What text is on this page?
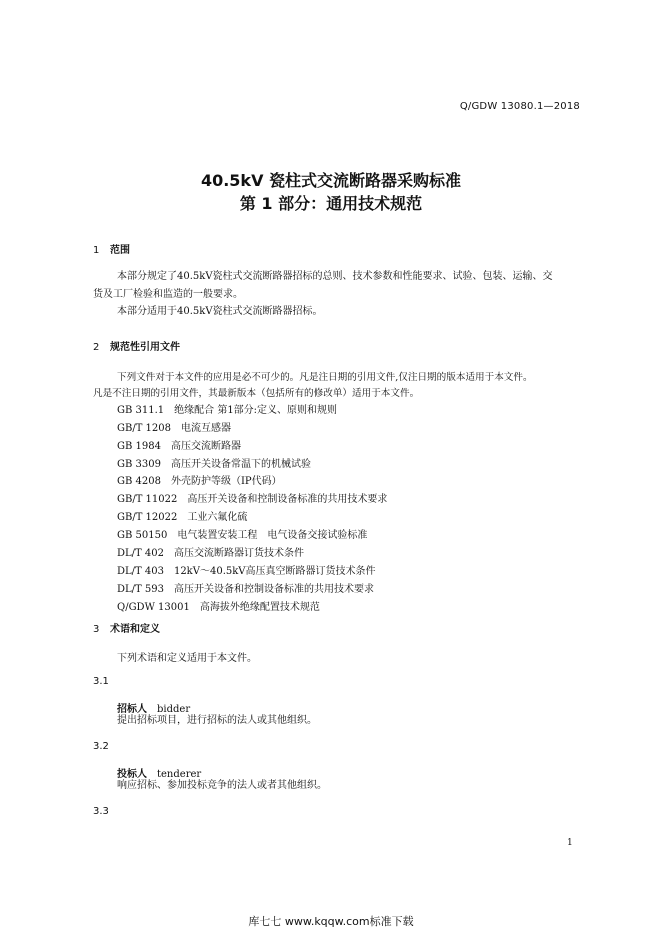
Q/GDW 13080.1—2018
40.5kV 瓷柱式交流断路器采购标准
第 1 部分：通用技术规范
1 范围
本部分规定了40.5kV瓷柱式交流断路器招标的总则、技术参数和性能要求、试验、包装、运输、交
货及工厂检验和监造的一般要求。
本部分适用于40.5kV瓷柱式交流断路器招标。
2 规范性引用文件
下列文件对于本文件的应用是必不可少的。凡是注日期的引用文件,仅注日期的版本适用于本文件。
凡是不注日期的引用文件，其最新版本（包括所有的修改单）适用于本文件。
GB 311.1　绝缘配合 第1部分:定义、原则和规则
GB/T 1208　电流互感器
GB 1984　高压交流断路器
GB 3309　高压开关设备常温下的机械试验
GB 4208　外壳防护等级（IP代码）
GB/T 11022　高压开关设备和控制设备标准的共用技术要求
GB/T 12022　工业六氟化硫
GB 50150　电气装置安装工程　电气设备交接试验标准
DL/T 402　高压交流断路器订货技术条件
DL/T 403　12kV～40.5kV高压真空断路器订货技术条件
DL/T 593　高压开关设备和控制设备标准的共用技术要求
Q/GDW 13001　高海拔外绝缘配置技术规范
3 术语和定义
下列术语和定义适用于本文件。
3.1
招标人 bidder
提出招标项目，进行招标的法人或其他组织。
3.2
投标人 tenderer
响应招标、参加投标竞争的法人或者其他组织。
3.3
1
库七七 www.kqqw.com标准下载
